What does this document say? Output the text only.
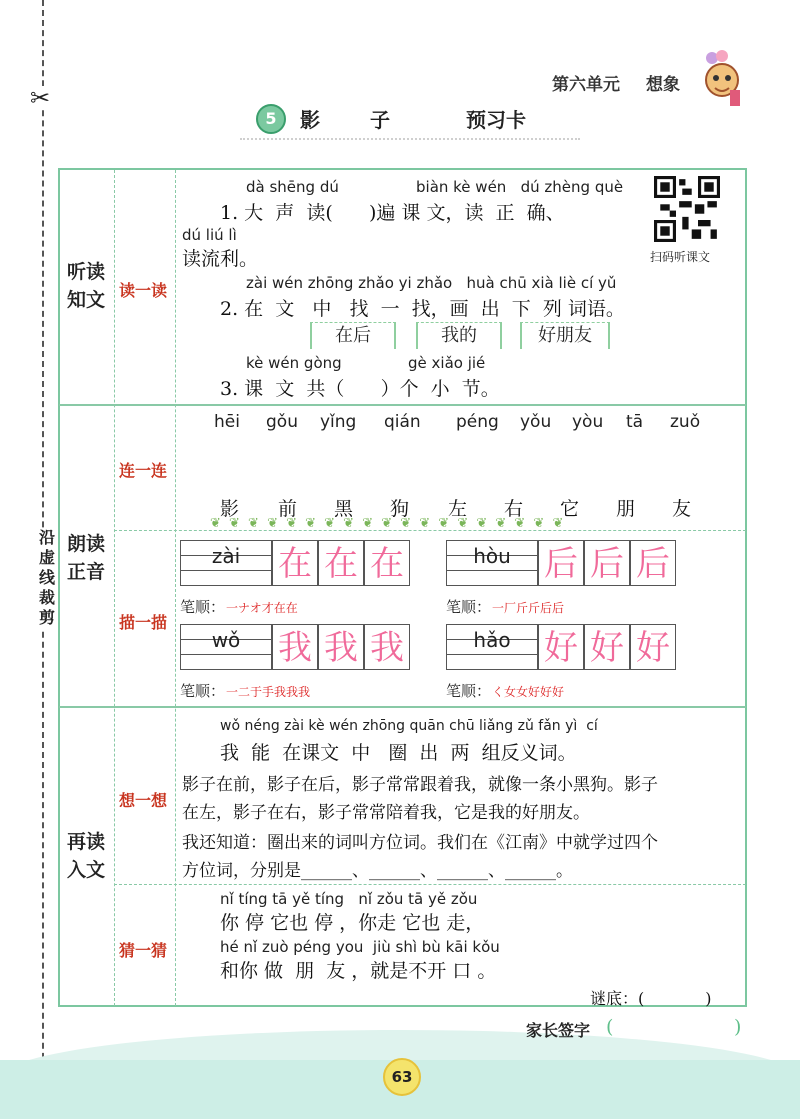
✂
沿
虚
线
裁
剪
第六单元 想象
5	影	子	预习卡
听读
知文
朗读
正音
再读
入文
读一读
连一连
描一描
想一想
猜一猜
扫码听课文
dà shēng dú	biàn kè wén   dú zhèng què
1. 大  声  读(      )遍 课 文，读  正  确、
dú liú lì
读流利。
zài wén zhōng zhǎo yi zhǎo   huà chū xià liè cí yǔ
2. 在  文   中   找  一  找，画  出  下  列 词语。
在后	我的	好朋友
kè wén gòng	gè xiǎo jié
3. 课  文  共（      ）个  小  节。
hēi gǒu yǐng qián péng yǒu yòu tā zuǒ
影 前 黑 狗 左 右 它 朋 友
❦ ❦ ❦ ❦ ❦ ❦ ❦ ❦ ❦ ❦ ❦ ❦ ❦ ❦ ❦ ❦ ❦ ❦ ❦
zài	在 在 在
笔顺： 一ナオ才在在
hòu 后 后 后
笔顺： 一厂斤斤后后
wǒ	我 我 我
笔顺： 一二于手我我我
hǎo 好 好 好
笔顺： く女女好好好
wǒ néng zài kè wén zhōng quān chū liǎng zǔ fǎn yì  cí
我  能  在课文  中   圈  出  两  组反义词。
影子在前，影子在后，影子常常跟着我，就像一条小黑狗。影子
在左，影子在右，影子常常陪着我，它是我的好朋友。
我还知道：圈出来的词叫方位词。我们在《江南》中就学过四个
方位词，分别是______、______、______、______。
nǐ tíng tā yě tíng   nǐ zǒu tā yě zǒu
你 停 它也 停 ，你走 它也 走，
hé nǐ zuò péng you  jiù shì bù kāi kǒu
和你 做  朋  友 ，就是不开 口 。
谜底：(            )
家长签字 (	)
63
